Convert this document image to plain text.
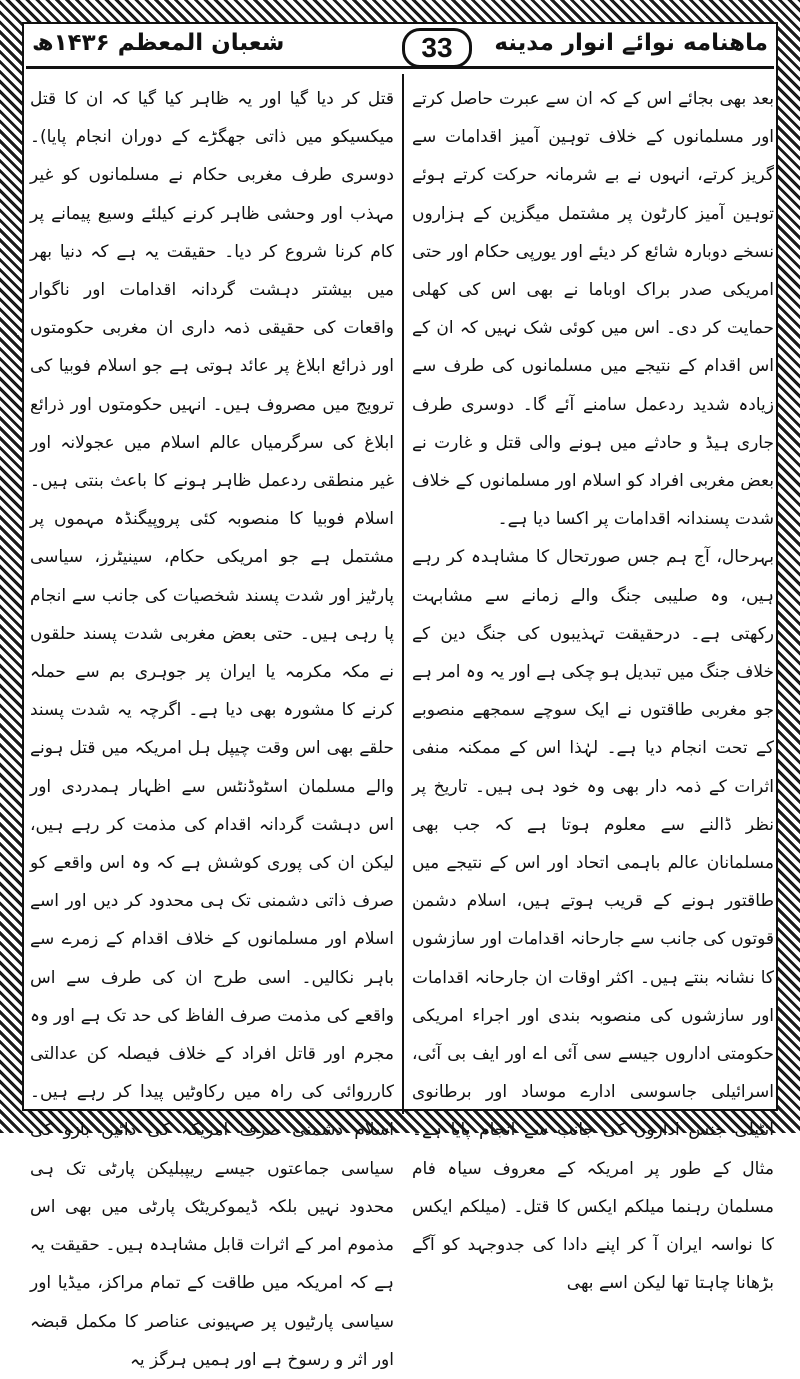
ماهنامه نوائے انوار مدینه
33
شعبان المعظم ۱۴۳۶ھ

بعد بھی بجائے اس کے کہ ان سے عبرت حاصل کرتے اور مسلمانوں کے خلاف توہین آمیز اقدامات سے گریز کرتے، انہوں نے بے شرمانہ حرکت کرتے ہوئے توہین آمیز کارٹون پر مشتمل میگزین کے ہزاروں نسخے دوبارہ شائع کر دیئے اور یورپی حکام اور حتی امریکی صدر براک اوباما نے بھی اس کی کھلی حمایت کر دی۔ اس میں کوئی شک نہیں کہ ان کے اس اقدام کے نتیجے میں مسلمانوں کی طرف سے زیادہ شدید ردعمل سامنے آئے گا۔ دوسری طرف جاری ہیڈ و حادثے میں ہونے والی قتل و غارت نے بعض مغربی افراد کو اسلام اور مسلمانوں کے خلاف شدت پسندانہ اقدامات پر اکسا دیا ہے۔

بہرحال، آج ہم جس صورتحال کا مشاہدہ کر رہے ہیں، وہ صلیبی جنگ والے زمانے سے مشابہت رکھتی ہے۔ درحقیقت تہذیبوں کی جنگ دین کے خلاف جنگ میں تبدیل ہو چکی ہے اور یہ وہ امر ہے جو مغربی طاقتوں نے ایک سوچے سمجھے منصوبے کے تحت انجام دیا ہے۔ لہٰذا اس کے ممکنہ منفی اثرات کے ذمہ دار بھی وہ خود ہی ہیں۔ تاریخ پر نظر ڈالنے سے معلوم ہوتا ہے کہ جب بھی مسلمانان عالم باہمی اتحاد اور اس کے نتیجے میں طاقتور ہونے کے قریب ہوتے ہیں، اسلام دشمن قوتوں کی جانب سے جارحانہ اقدامات اور سازشوں کا نشانہ بنتے ہیں۔ اکثر اوقات ان جارحانہ اقدامات اور سازشوں کی منصوبہ بندی اور اجراء امریکی حکومتی اداروں جیسے سی آئی اے اور ایف بی آئی، اسرائیلی جاسوسی ادارے موساد اور برطانوی انٹیلی جنس اداروں کی جانب سے انجام پایا ہے۔ مثال کے طور پر امریکہ کے معروف سیاہ فام مسلمان رہنما میلکم ایکس کا قتل۔ (میلکم ایکس کا نواسہ ایران آ کر اپنے دادا کی جدوجہد کو آگے بڑھانا چاہتا تھا لیکن اسے بھی

قتل کر دیا گیا اور یہ ظاہر کیا گیا کہ ان کا قتل میکسیکو میں ذاتی جھگڑے کے دوران انجام پایا)۔ دوسری طرف مغربی حکام نے مسلمانوں کو غیر مہذب اور وحشی ظاہر کرنے کیلئے وسیع پیمانے پر کام کرنا شروع کر دیا۔ حقیقت یہ ہے کہ دنیا بھر میں بیشتر دہشت گردانہ اقدامات اور ناگوار واقعات کی حقیقی ذمہ داری ان مغربی حکومتوں اور ذرائع ابلاغ پر عائد ہوتی ہے جو اسلام فوبیا کی ترویج میں مصروف ہیں۔ انہیں حکومتوں اور ذرائع ابلاغ کی سرگرمیاں عالم اسلام میں عجولانہ اور غیر منطقی ردعمل ظاہر ہونے کا باعث بنتی ہیں۔ اسلام فوبیا کا منصوبہ کئی پروپیگنڈہ مہموں پر مشتمل ہے جو امریکی حکام، سینیٹرز، سیاسی پارٹیز اور شدت پسند شخصیات کی جانب سے انجام پا رہی ہیں۔ حتی بعض مغربی شدت پسند حلقوں نے مکہ مکرمہ یا ایران پر جوہری بم سے حملہ کرنے کا مشورہ بھی دیا ہے۔ اگرچہ یہ شدت پسند حلقے بھی اس وقت چیپل ہل امریکہ میں قتل ہونے والے مسلمان اسٹوڈنٹس سے اظہار ہمدردی اور اس دہشت گردانہ اقدام کی مذمت کر رہے ہیں، لیکن ان کی پوری کوشش ہے کہ وہ اس واقعے کو صرف ذاتی دشمنی تک ہی محدود کر دیں اور اسے اسلام اور مسلمانوں کے خلاف اقدام کے زمرے سے باہر نکالیں۔ اسی طرح ان کی طرف سے اس واقعے کی مذمت صرف الفاظ کی حد تک ہے اور وہ مجرم اور قاتل افراد کے خلاف فیصلہ کن عدالتی کارروائی کی راہ میں رکاوٹیں پیدا کر رہے ہیں۔ اسلام دشمنی صرف امریکہ کی دائیں بازو کی سیاسی جماعتوں جیسے ریپبلیکن پارٹی تک ہی محدود نہیں بلکہ ڈیموکریٹک پارٹی میں بھی اس مذموم امر کے اثرات قابل مشاہدہ ہیں۔ حقیقت یہ ہے کہ امریکہ میں طاقت کے تمام مراکز، میڈیا اور سیاسی پارٹیوں پر صہیونی عناصر کا مکمل قبضہ اور اثر و رسوخ ہے اور ہمیں ہرگز یہ
